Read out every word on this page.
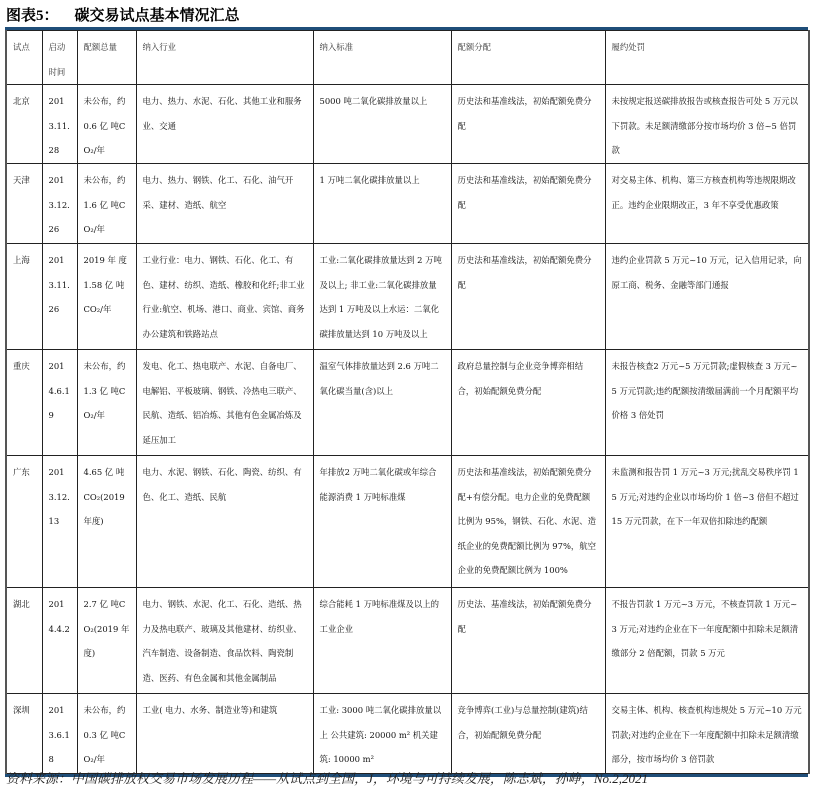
图表5： 碳交易试点基本情况汇总
试点	启动时间	配额总量	纳入行业	纳入标准	配额分配	履约处罚
北京	2013.11.28	未公布，约0.6 亿 吨CO₂/年	电力、热力、水泥、石化、其他工业和服务业、交通	5000 吨二氧化碳排放量以上	历史法和基准线法，初始配额免费分配	未按规定报送碳排放报告或核查报告可处 5 万元以下罚款。未足额清缴部分按市场均价 3 倍~5 倍罚款
天津	2013.12.26	未公布，约1.6 亿 吨CO₂/年	电力、热力、钢铁、化工、石化、油气开采、建材、造纸、航空	1 万吨二氧化碳排放量以上	历史法和基准线法，初始配额免费分配	对交易主体、机构、第三方核查机构等违规限期改正。违约企业限期改正，3 年不享受优惠政策
上海	2013.11.26	2019 年 度1.58 亿 吨CO₂/年	工业行业：电力、钢铁、石化、化工、有色、建材、纺织、造纸、橡胶和化纤;非工业行业:航空、机场、港口、商业、宾馆、商务办公建筑和铁路站点	工业:二氧化碳排放量达到 2 万吨及以上; 非工业:二氧化碳排放量达到 1 万吨及以上水运：二氧化碳排放量达到 10 万吨及以上	历史法和基准线法，初始配额免费分配	违约企业罚款 5 万元~10 万元，记入信用记录，向原工商、税务、金融等部门通报
重庆	2014.6.19	未公布，约1.3 亿 吨CO₂/年	发电、化工、热电联产、水泥、自备电厂、电解铝、平板玻璃、钢铁、冷热电三联产、民航、造纸、铝冶炼、其他有色金属冶炼及延压加工	温室气体排放量达到 2.6 万吨二氧化碳当量(含)以上	政府总量控制与企业竞争博弈相结合，初始配额免费分配	未报告核查2 万元~5 万元罚款;虚假核查 3 万元~5 万元罚款;违约配额按清缴届满前一个月配额平均价格 3 倍处罚
广东	2013.12.13	4.65 亿 吨CO₂(2019 年度)	电力、水泥、钢铁、石化、陶瓷、纺织、有色、化工、造纸、民航	年排放2 万吨二氧化碳或年综合能源消费 1 万吨标准煤	历史法和基准线法，初始配额免费分配+有偿分配。电力企业的免费配额比例为 95%，钢铁、石化、水泥、造纸企业的免费配额比例为 97%，航空企业的免费配额比例为 100%	未监测和报告罚 1 万元~3 万元;扰乱交易秩序罚 15 万元;对违约企业以市场均价 1 倍~3 倍但不超过 15 万元罚款，在下一年双倍扣除违约配额
湖北	2014.4.2	2.7 亿 吨CO₂(2019 年度)	电力、钢铁、水泥、化工、石化、造纸、热力及热电联产、玻璃及其他建材、纺织业、汽车制造、设备制造、食品饮料、陶瓷制造、医药、有色金属和其他金属制品	综合能耗 1 万吨标准煤及以上的工业企业	历史法、基准线法，初始配额免费分配	不报告罚款 1 万元~3 万元，不核查罚款 1 万元~3 万元;对违约企业在下一年度配额中扣除未足额清缴部分 2 倍配额，罚款 5 万元
深圳	2013.6.18	未公布，约0.3 亿 吨CO₂/年	工业( 电力、水务、制造业等)和建筑	工业: 3000 吨二氧化碳排放量以上 公共建筑: 20000 m² 机关建筑: 10000 m²	竞争博弈(工业)与总量控制(建筑)结合，初始配额免费分配	交易主体、机构、核查机构违规处 5 万元~10 万元罚款;对违约企业在下一年度配额中扣除未足额清缴部分，按市场均价 3 倍罚款
资料来源：中国碳排放权交易市场发展历程——从试点到全国，J，环境与可持续发展，陈志斌，孙峥，No.2,2021
